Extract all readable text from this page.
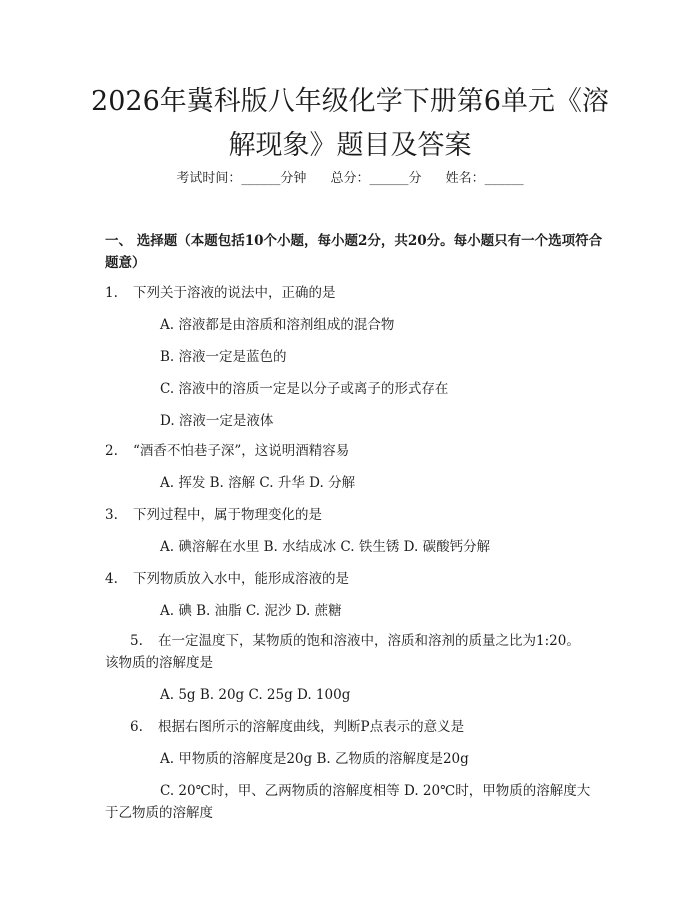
2026年冀科版八年级化学下册第6单元《溶
解现象》题目及答案
考试时间：______分钟 总分：______分 姓名：______

一、 选择题（本题包括10个小题，每小题2分，共20分。每小题只有一个选项符合题意）

1. 下列关于溶液的说法中，正确的是
A. 溶液都是由溶质和溶剂组成的混合物
B. 溶液一定是蓝色的
C. 溶液中的溶质一定是以分子或离子的形式存在
D. 溶液一定是液体
2. “酒香不怕巷子深”，这说明酒精容易
A. 挥发 B. 溶解 C. 升华 D. 分解
3. 下列过程中，属于物理变化的是
A. 碘溶解在水里 B. 水结成冰 C. 铁生锈 D. 碳酸钙分解
4. 下列物质放入水中，能形成溶液的是
A. 碘 B. 油脂 C. 泥沙 D. 蔗糖
5. 在一定温度下，某物质的饱和溶液中，溶质和溶剂的质量之比为1:20。
该物质的溶解度是
A. 5g B. 20g C. 25g D. 100g
6. 根据右图所示的溶解度曲线，判断P点表示的意义是
A. 甲物质的溶解度是20g B. 乙物质的溶解度是20g
C. 20℃时，甲、乙两物质的溶解度相等 D. 20℃时，甲物质的溶解度大
于乙物质的溶解度
